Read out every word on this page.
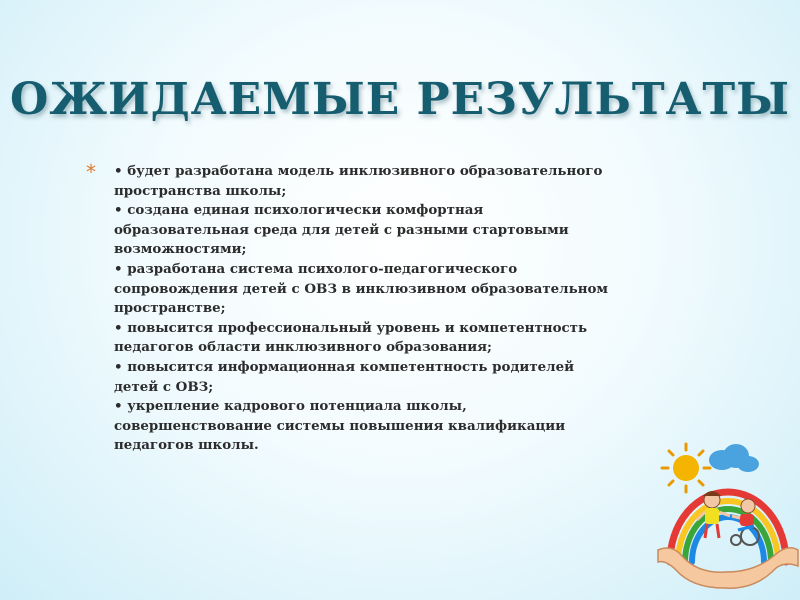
ОЖИДАЕМЫЕ РЕЗУЛЬТАТЫ
* • будет разработана модель инклюзивного образовательного
пространства школы;
• создана единая психологически комфортная
образовательная среда для детей с разными стартовыми
возможностями;
• разработана система психолого-педагогического
сопровождения детей с ОВЗ в инклюзивном образовательном
пространстве;
• повысится профессиональный уровень и компетентность
педагогов области инклюзивного образования;
• повысится информационная компетентность родителей
детей с ОВЗ;
• укрепление кадрового потенциала школы,
совершенствование системы повышения квалификации
педагогов школы.
